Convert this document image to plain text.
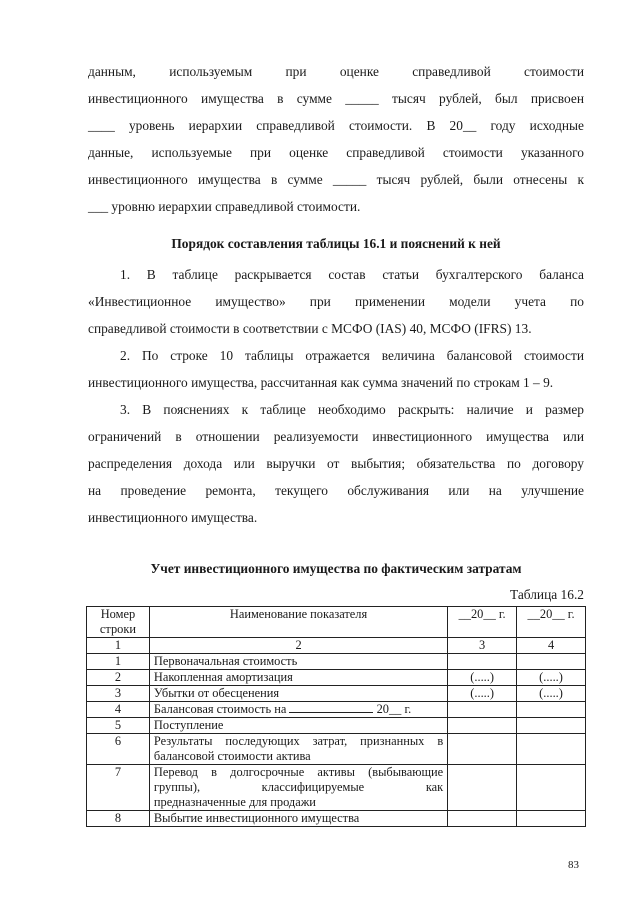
данным, используемым при оценке справедливой стоимости
инвестиционного имущества в сумме _____ тысяч рублей, был присвоен
____ уровень иерархии справедливой стоимости. В 20__ году исходные
данные, используемые при оценке справедливой стоимости указанного
инвестиционного имущества в сумме _____ тысяч рублей, были отнесены к
___ уровню иерархии справедливой стоимости.
Порядок составления таблицы 16.1 и пояснений к ней
1. В таблице раскрывается состав статьи бухгалтерского баланса
«Инвестиционное имущество» при применении модели учета по
справедливой стоимости в соответствии с МСФО (IAS) 40, МСФО (IFRS) 13.
2. По строке 10 таблицы отражается величина балансовой стоимости
инвестиционного имущества, рассчитанная как сумма значений по строкам 1 – 9.
3. В пояснениях к таблице необходимо раскрыть: наличие и размер
ограничений в отношении реализуемости инвестиционного имущества или
распределения дохода или выручки от выбытия; обязательства по договору
на проведение ремонта, текущего обслуживания или на улучшение
инвестиционного имущества.
Учет инвестиционного имущества по фактическим затратам
Таблица 16.2
Номер строки	Наименование показателя	__20__ г.	__20__ г.
1	2	3	4
1	Первоначальная стоимость		
2	Накопленная амортизация	(.....)	(.....)
3	Убытки от обесценения	(.....)	(.....)
4	Балансовая стоимость на 20__ г.		
5	Поступление		
6	Результаты последующих затрат, признанных в
балансовой стоимости актива		

7	Перевод в долгосрочные активы (выбывающие
группы), классифицируемые как
предназначенные для продажи		

8	Выбытие инвестиционного имущества		
83
